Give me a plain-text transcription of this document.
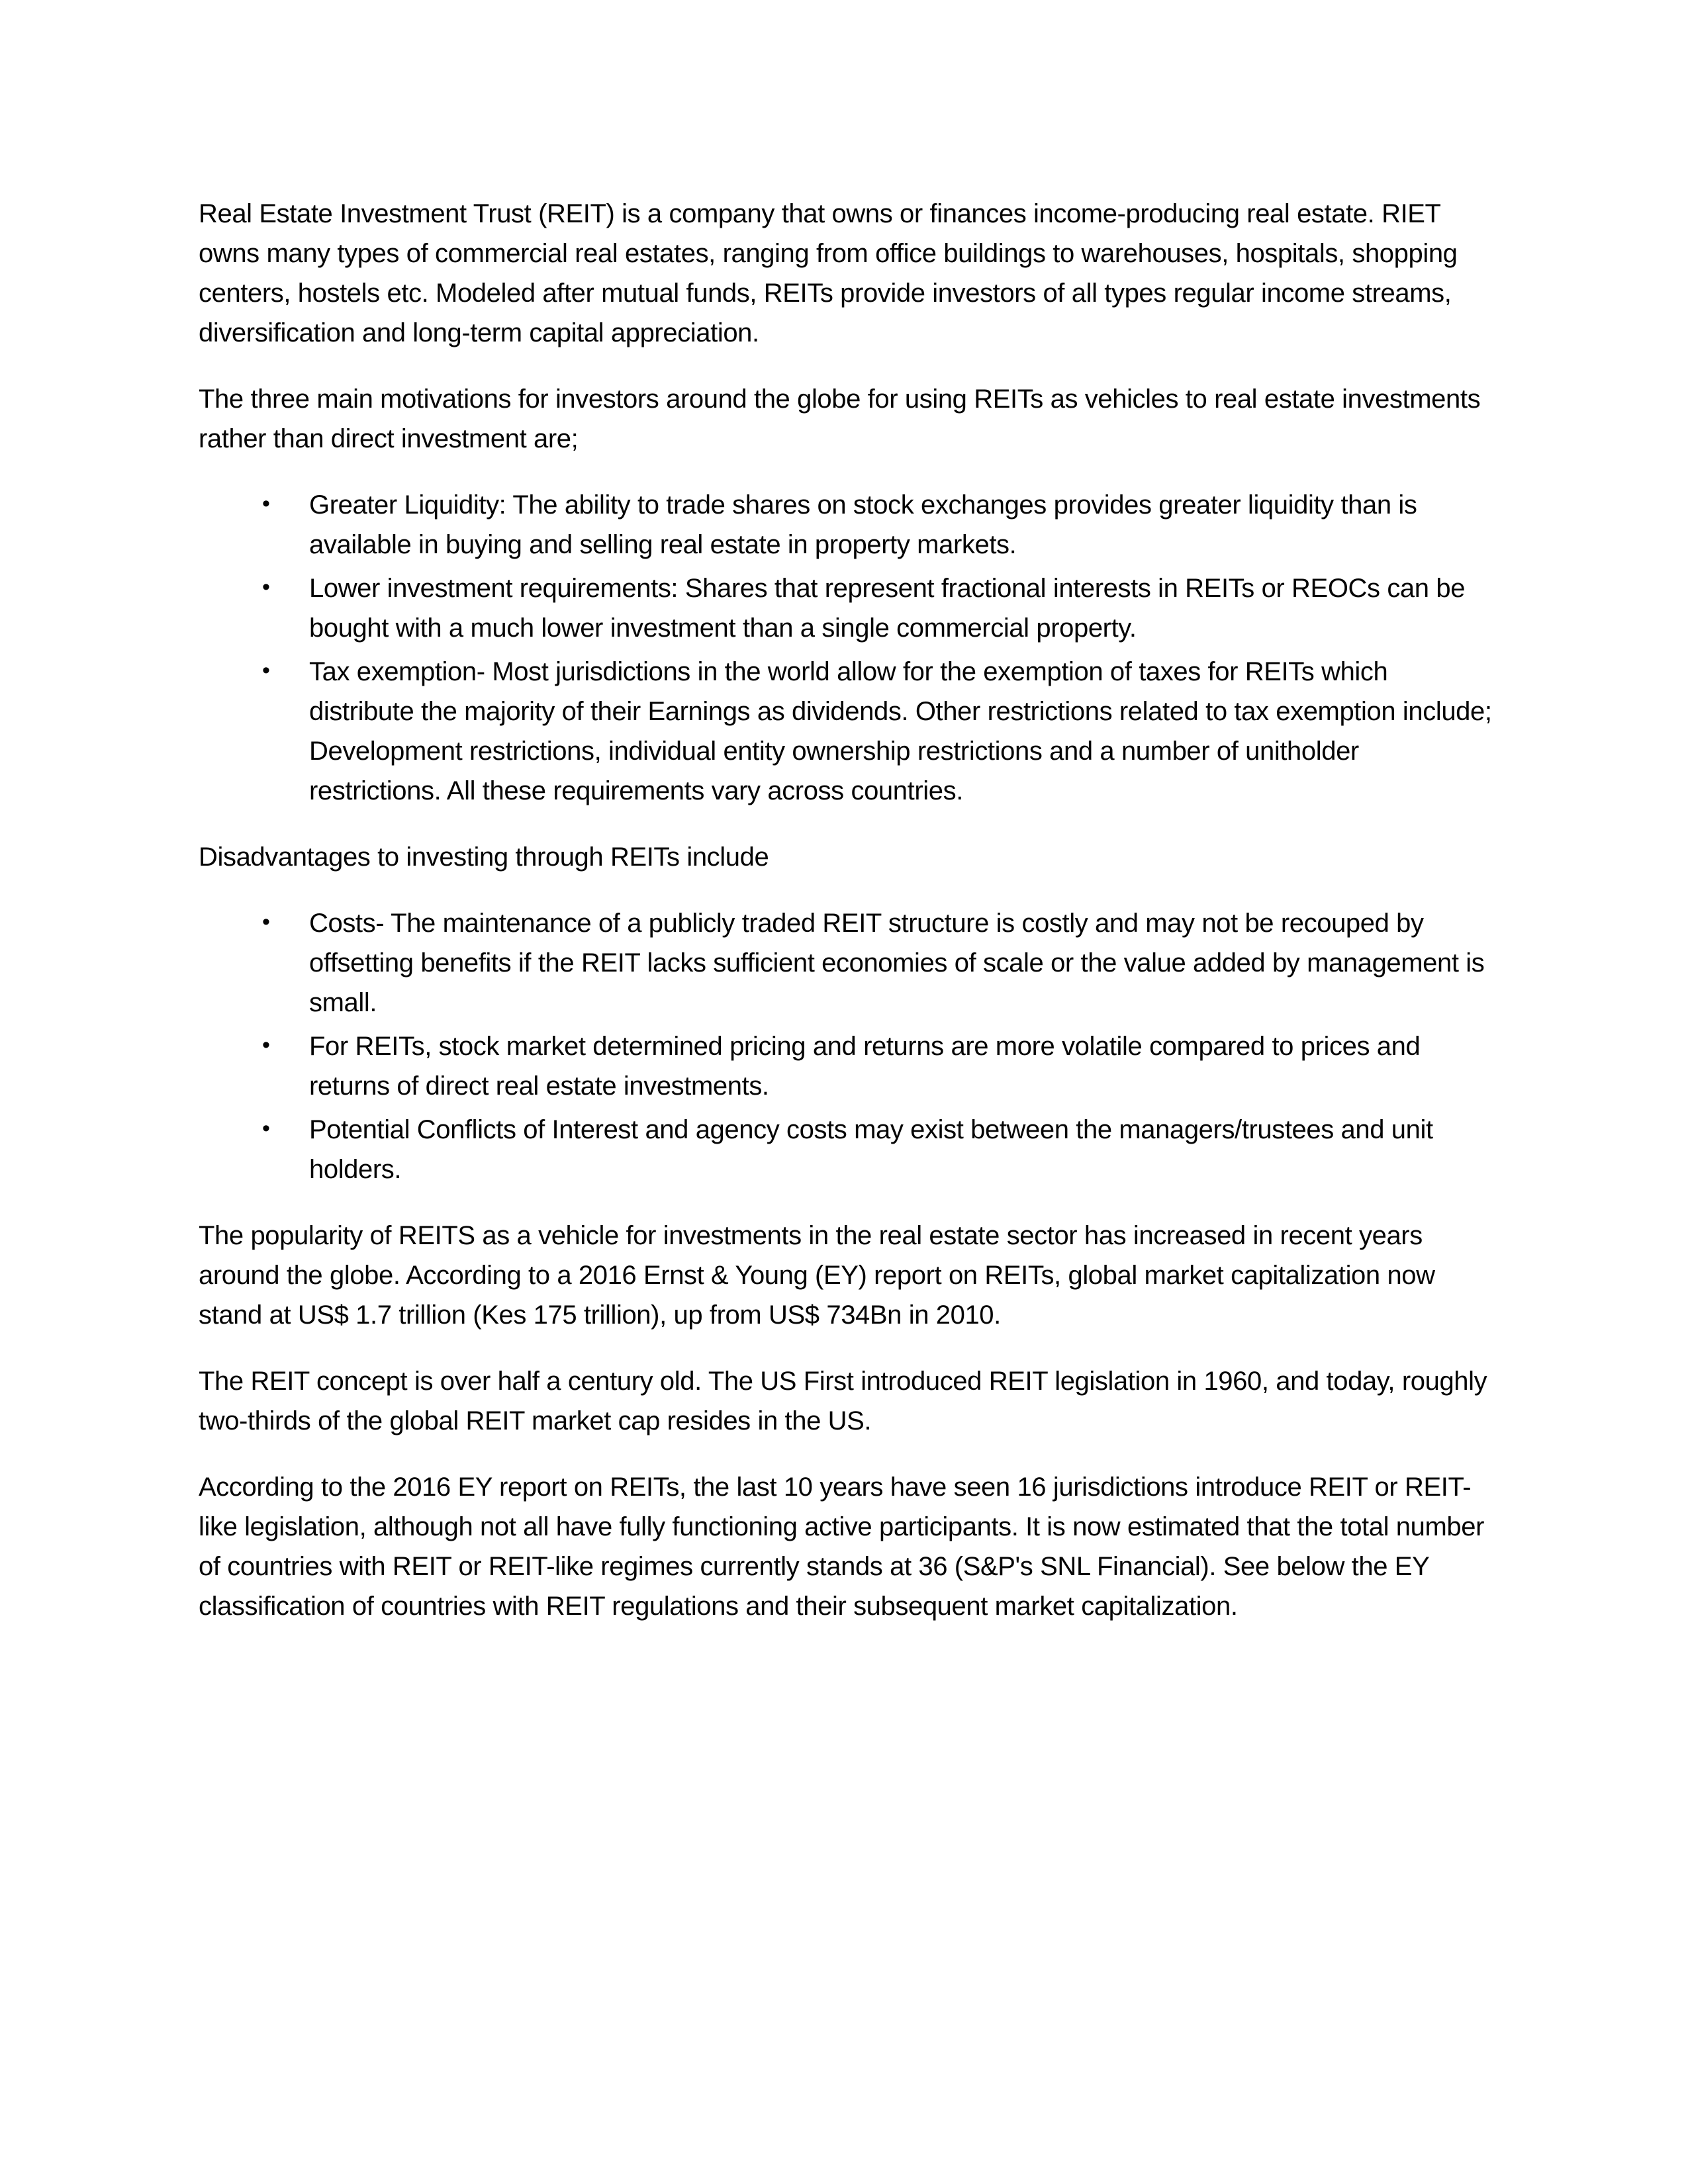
Real Estate Investment Trust (REIT) is a company that owns or finances income-producing real estate. RIET owns many types of commercial real estates, ranging from office buildings to warehouses, hospitals, shopping centers, hostels etc. Modeled after mutual funds, REITs provide investors of all types regular income streams, diversification and long-term capital appreciation.

The three main motivations for investors around the globe for using REITs as vehicles to real estate investments rather than direct investment are;

• Greater Liquidity: The ability to trade shares on stock exchanges provides greater liquidity than is available in buying and selling real estate in property markets.
• Lower investment requirements: Shares that represent fractional interests in REITs or REOCs can be bought with a much lower investment than a single commercial property.
• Tax exemption- Most jurisdictions in the world allow for the exemption of taxes for REITs which distribute the majority of their Earnings as dividends. Other restrictions related to tax exemption include; Development restrictions, individual entity ownership restrictions and a number of unitholder restrictions. All these requirements vary across countries.

Disadvantages to investing through REITs include

• Costs- The maintenance of a publicly traded REIT structure is costly and may not be recouped by offsetting benefits if the REIT lacks sufficient economies of scale or the value added by management is small.
• For REITs, stock market determined pricing and returns are more volatile compared to prices and returns of direct real estate investments.
• Potential Conflicts of Interest and agency costs may exist between the managers/trustees and unit holders.

The popularity of REITS as a vehicle for investments in the real estate sector has increased in recent years around the globe. According to a 2016 Ernst & Young (EY) report on REITs, global market capitalization now stand at US$ 1.7 trillion (Kes 175 trillion), up from US$ 734Bn in 2010.

The REIT concept is over half a century old. The US First introduced REIT legislation in 1960, and today, roughly two-thirds of the global REIT market cap resides in the US.

According to the 2016 EY report on REITs, the last 10 years have seen 16 jurisdictions introduce REIT or REIT-like legislation, although not all have fully functioning active participants. It is now estimated that the total number of countries with REIT or REIT-like regimes currently stands at 36 (S&P's SNL Financial). See below the EY classification of countries with REIT regulations and their subsequent market capitalization.
